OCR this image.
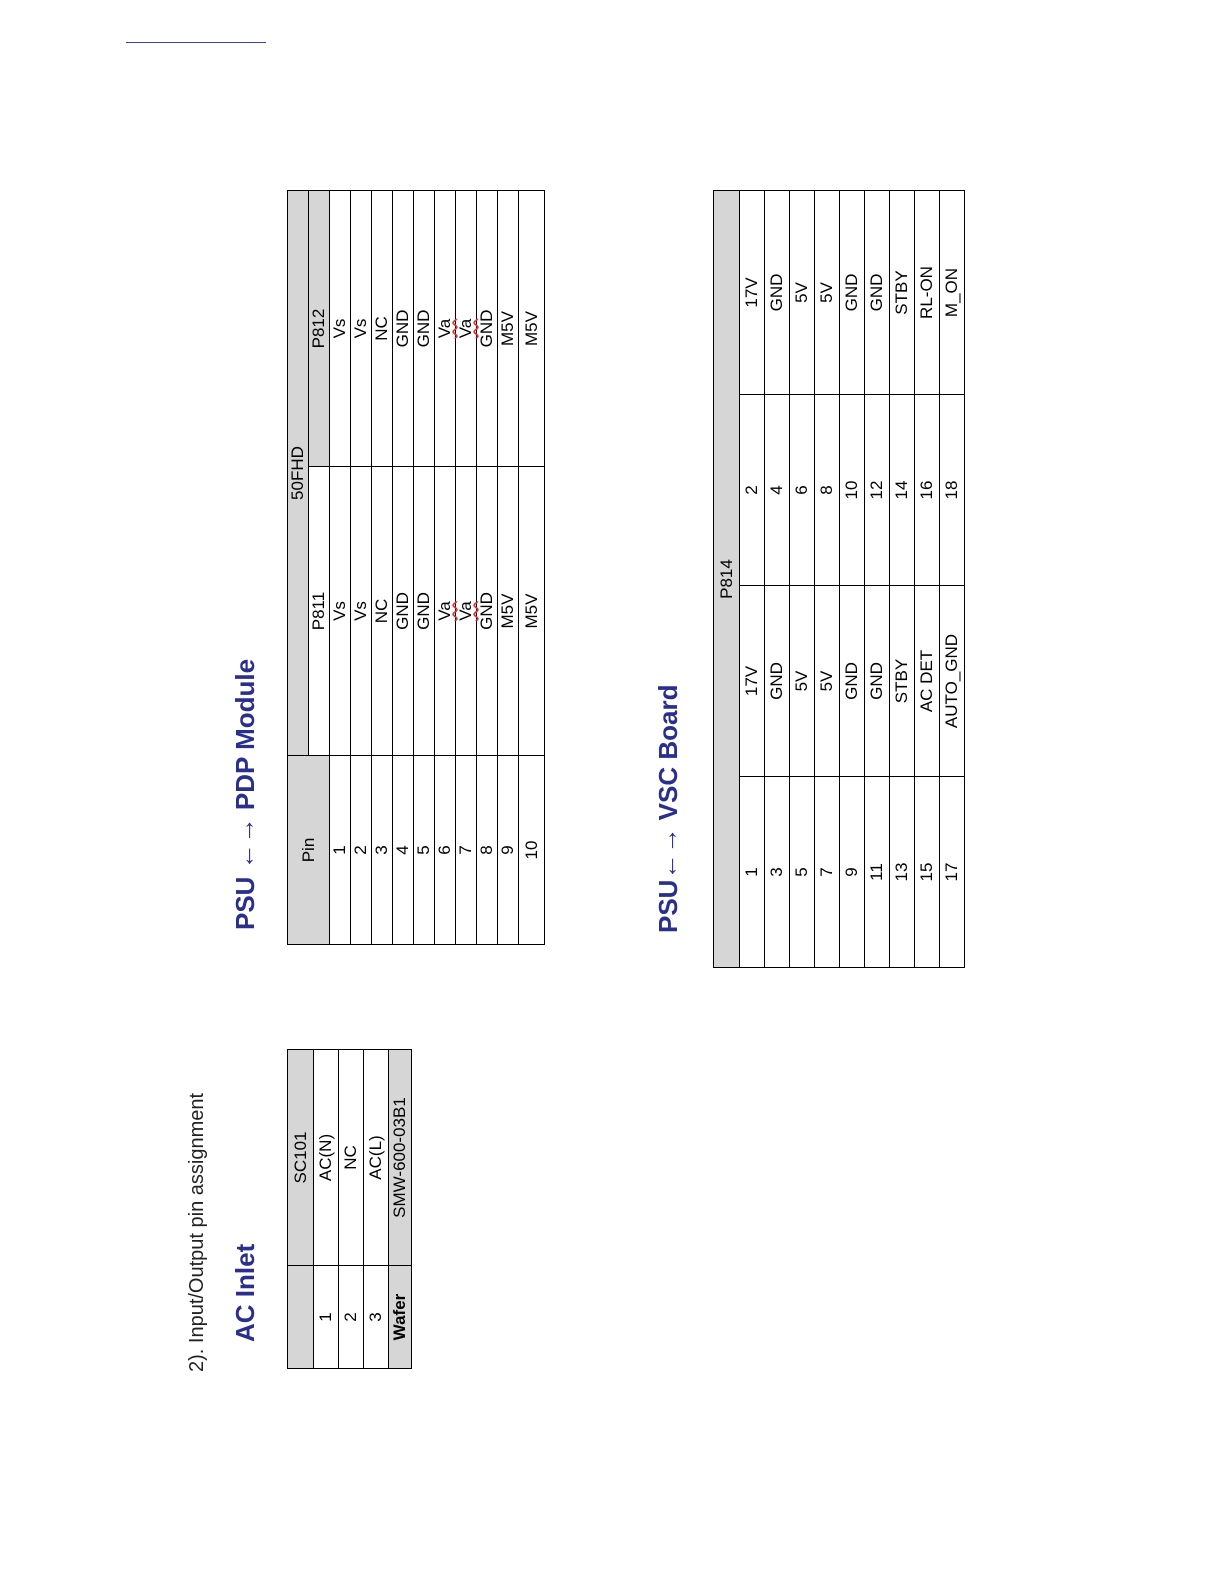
2). Input/Output pin assignment AC Inlet
	SC101
1	AC(N)
2	NC
3	AC(L)
Wafer	SMW-600-03B1
PSU ←→ PDP Module Pin	50FHD	
	P811	P812
1	Vs	Vs
2	Vs	Vs
3	NC	NC
4	GND	GND
5	GND	GND
6	Va	Va
7	Va	Va
8	GND	GND
9	M5V	M5V
10	M5V	M5V
PSU←→ VSC Board
P814			
1	17V	2	17V
3	GND	4	GND
5	5V	6	5V
7	5V	8	5V
9	GND	10	GND
11	GND	12	GND
13	STBY	14	STBY
15	AC DET	16	RL-ON
17	AUTO_GND	18	M_ON
